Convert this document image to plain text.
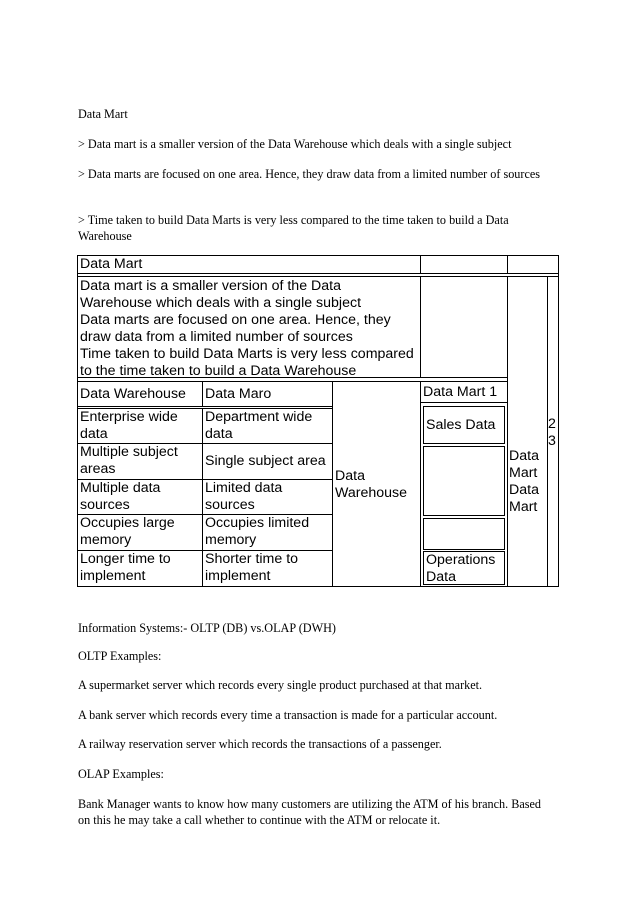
Data Mart

> Data mart is a smaller version of the Data Warehouse which deals with a single subject

> Data marts are focused on one area. Hence, they draw data from a limited number of sources

> Time taken to build Data Marts is very less compared to the time taken to build a Data Warehouse

Data Mart
Data mart is a smaller version of the Data
Warehouse which deals with a single subject
Data marts are focused on one area. Hence, they
draw data from a limited number of sources
Time taken to build Data Marts is very less compared
to the time taken to build a Data Warehouse
Data Warehouse	Data Maro
Enterprise wide data
Department wide data
Multiple subject areas	Single subject area
Multiple data sources
Limited data sources
Occupies large memory
Occupies limited memory
Longer time to implement
Shorter time to implement
Data Warehouse
Data Mart 1
Sales Data
Operations Data
Data Mart Data Mart
2 3

Information Systems:- OLTP (DB) vs.OLAP (DWH)

OLTP Examples:

A supermarket server which records every single product purchased at that market.

A bank server which records every time a transaction is made for a particular account.

A railway reservation server which records the transactions of a passenger.

OLAP Examples:

Bank Manager wants to know how many customers are utilizing the ATM of his branch. Based on this he may take a call whether to continue with the ATM or relocate it.
